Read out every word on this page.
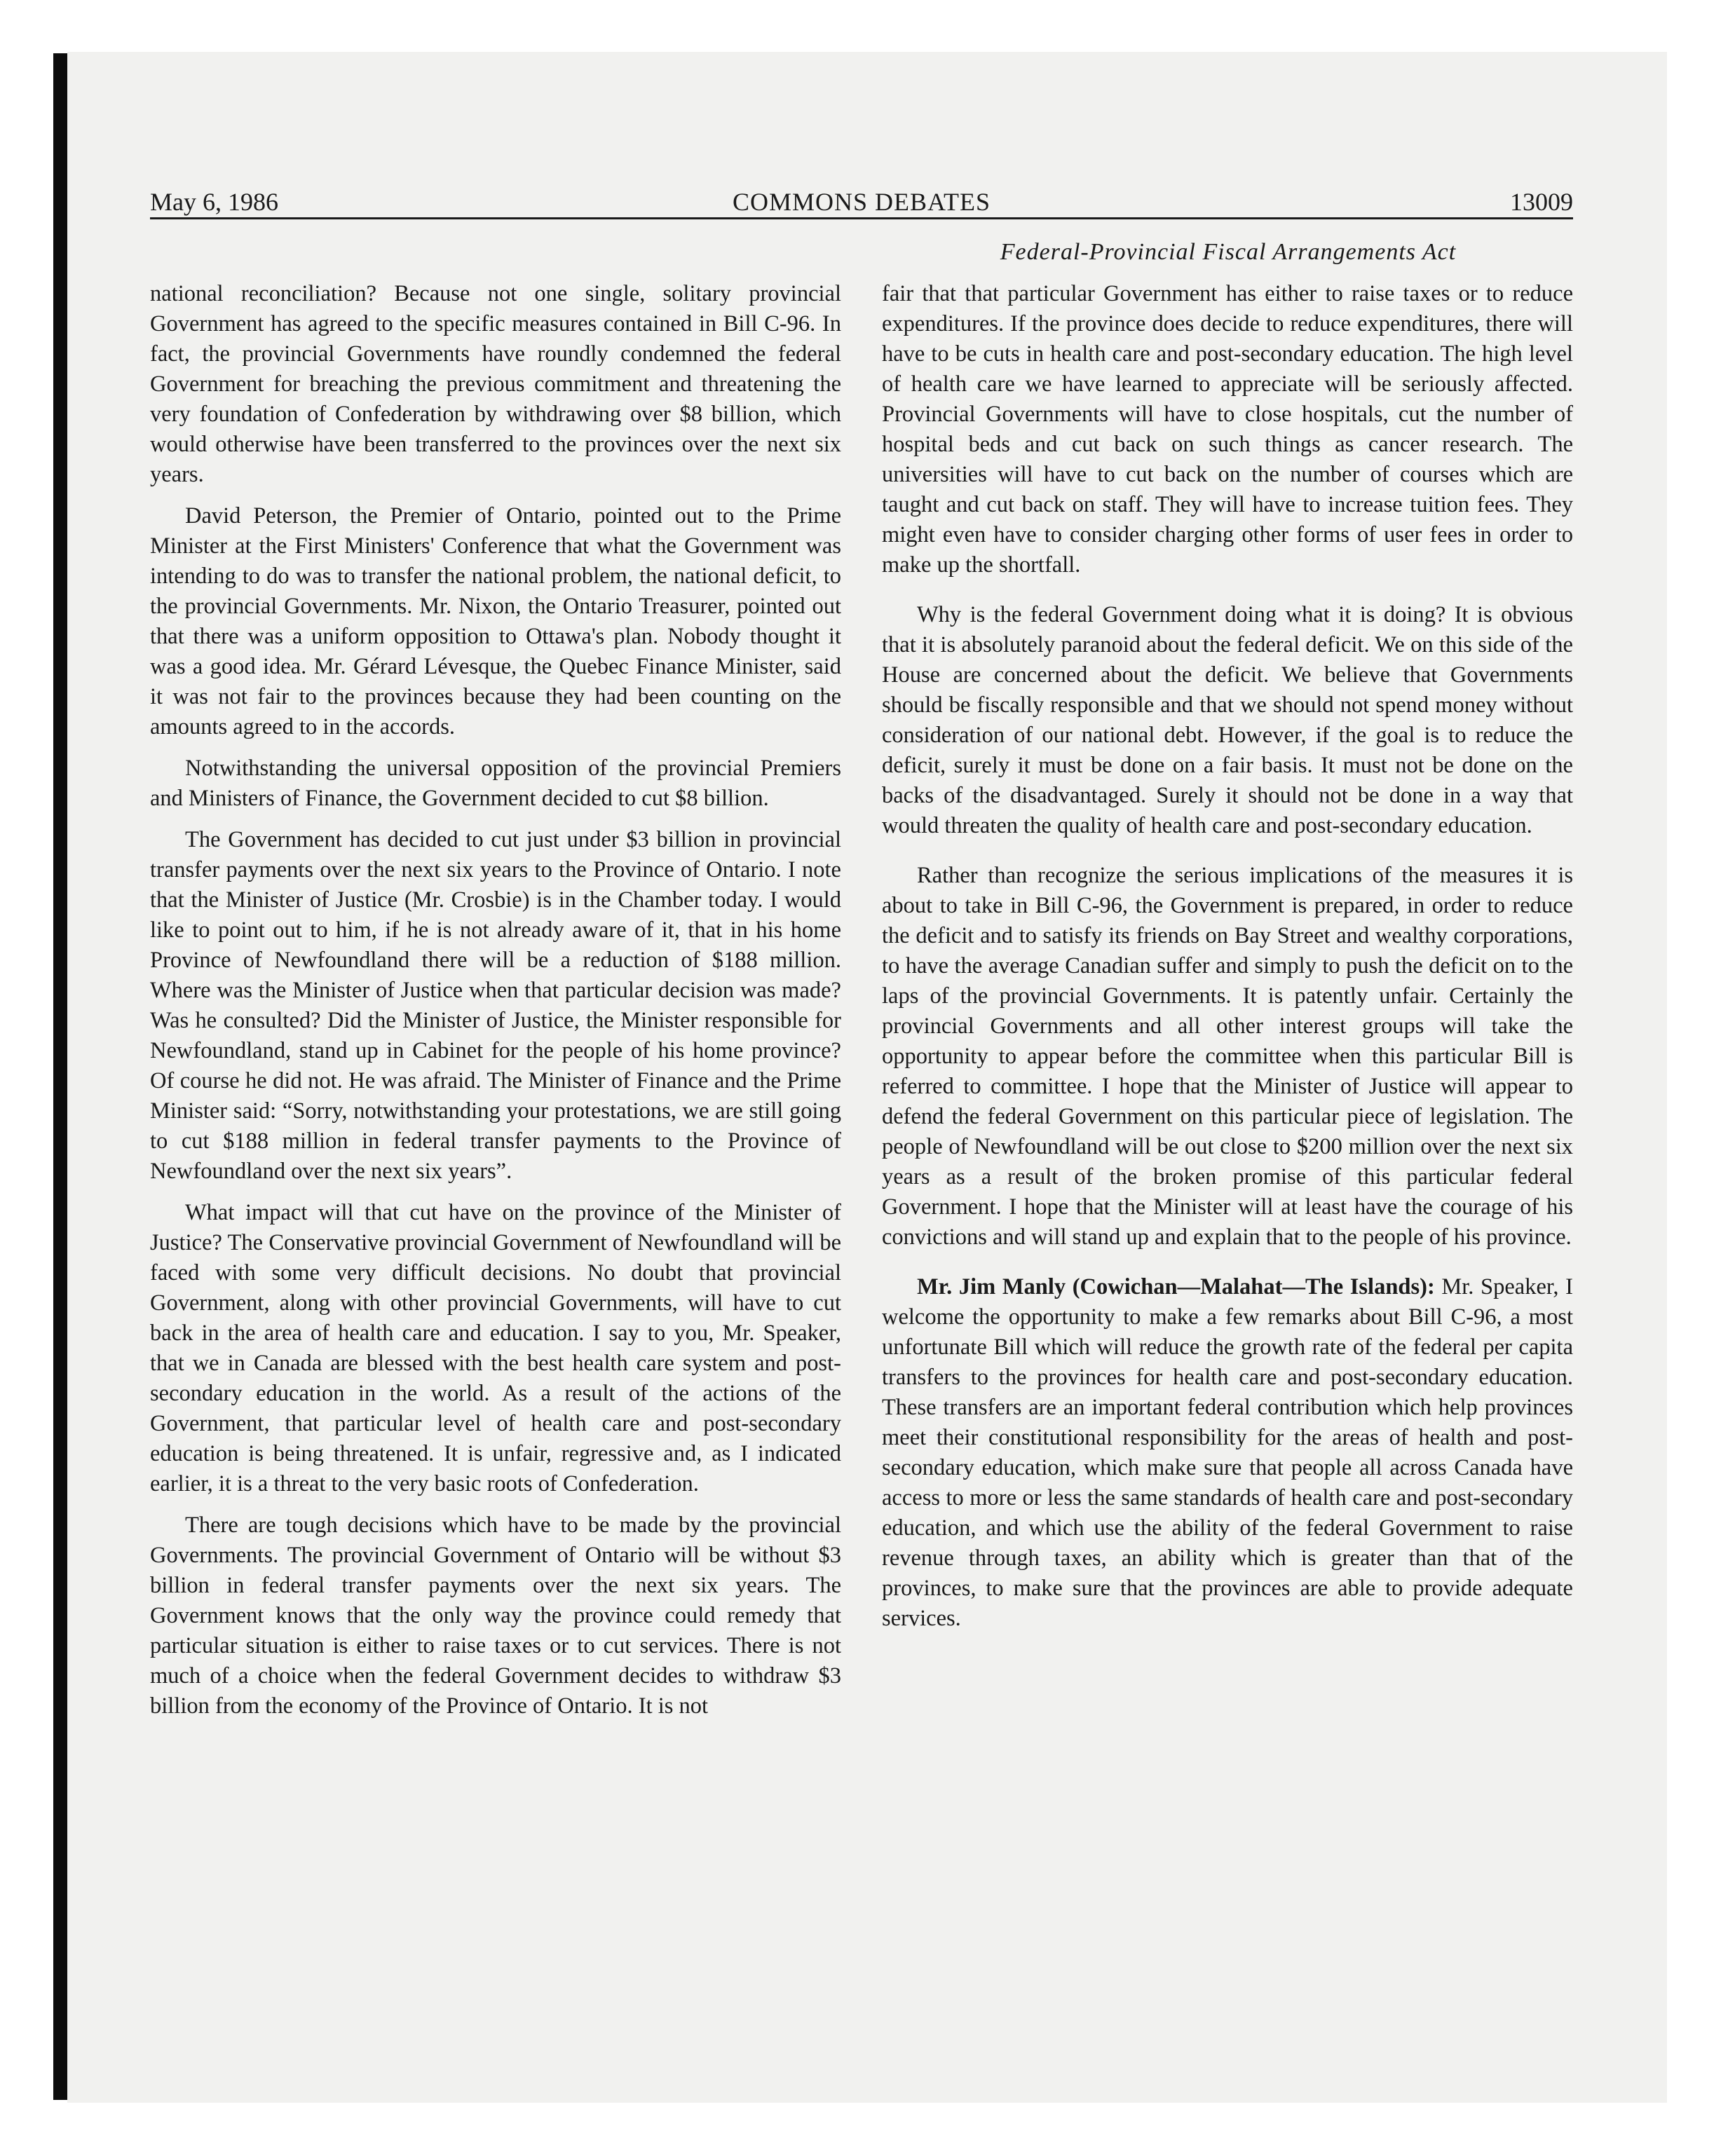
May 6, 1986	COMMONS DEBATES	13009
Federal-Provincial Fiscal Arrangements Act

national reconciliation? Because not one single, solitary provincial Government has agreed to the specific measures contained in Bill C-96. In fact, the provincial Governments have roundly condemned the federal Government for breaching the previous commitment and threatening the very foundation of Confederation by withdrawing over $8 billion, which would otherwise have been transferred to the provinces over the next six years.

David Peterson, the Premier of Ontario, pointed out to the Prime Minister at the First Ministers' Conference that what the Government was intending to do was to transfer the national problem, the national deficit, to the provincial Governments. Mr. Nixon, the Ontario Treasurer, pointed out that there was a uniform opposition to Ottawa's plan. Nobody thought it was a good idea. Mr. Gérard Lévesque, the Quebec Finance Minister, said it was not fair to the provinces because they had been counting on the amounts agreed to in the accords.

Notwithstanding the universal opposition of the provincial Premiers and Ministers of Finance, the Government decided to cut $8 billion.

The Government has decided to cut just under $3 billion in provincial transfer payments over the next six years to the Province of Ontario. I note that the Minister of Justice (Mr. Crosbie) is in the Chamber today. I would like to point out to him, if he is not already aware of it, that in his home Province of Newfoundland there will be a reduction of $188 million. Where was the Minister of Justice when that particular decision was made? Was he consulted? Did the Minister of Justice, the Minister responsible for Newfoundland, stand up in Cabinet for the people of his home province? Of course he did not. He was afraid. The Minister of Finance and the Prime Minister said: “Sorry, notwithstanding your protestations, we are still going to cut $188 million in federal transfer payments to the Province of Newfoundland over the next six years”.

What impact will that cut have on the province of the Minister of Justice? The Conservative provincial Government of Newfoundland will be faced with some very difficult decisions. No doubt that provincial Government, along with other provincial Governments, will have to cut back in the area of health care and education. I say to you, Mr. Speaker, that we in Canada are blessed with the best health care system and post-secondary education in the world. As a result of the actions of the Government, that particular level of health care and post-secondary education is being threatened. It is unfair, regressive and, as I indicated earlier, it is a threat to the very basic roots of Confederation.

There are tough decisions which have to be made by the provincial Governments. The provincial Government of Ontario will be without $3 billion in federal transfer payments over the next six years. The Government knows that the only way the province could remedy that particular situation is either to raise taxes or to cut services. There is not much of a choice when the federal Government decides to withdraw $3 billion from the economy of the Province of Ontario. It is not

fair that that particular Government has either to raise taxes or to reduce expenditures. If the province does decide to reduce expenditures, there will have to be cuts in health care and post-secondary education. The high level of health care we have learned to appreciate will be seriously affected. Provincial Governments will have to close hospitals, cut the number of hospital beds and cut back on such things as cancer research. The universities will have to cut back on the number of courses which are taught and cut back on staff. They will have to increase tuition fees. They might even have to consider charging other forms of user fees in order to make up the shortfall.

Why is the federal Government doing what it is doing? It is obvious that it is absolutely paranoid about the federal deficit. We on this side of the House are concerned about the deficit. We believe that Governments should be fiscally responsible and that we should not spend money without consideration of our national debt. However, if the goal is to reduce the deficit, surely it must be done on a fair basis. It must not be done on the backs of the disadvantaged. Surely it should not be done in a way that would threaten the quality of health care and post-secondary education.

Rather than recognize the serious implications of the measures it is about to take in Bill C-96, the Government is prepared, in order to reduce the deficit and to satisfy its friends on Bay Street and wealthy corporations, to have the average Canadian suffer and simply to push the deficit on to the laps of the provincial Governments. It is patently unfair. Certainly the provincial Governments and all other interest groups will take the opportunity to appear before the committee when this particular Bill is referred to committee. I hope that the Minister of Justice will appear to defend the federal Government on this particular piece of legislation. The people of Newfoundland will be out close to $200 million over the next six years as a result of the broken promise of this particular federal Government. I hope that the Minister will at least have the courage of his convictions and will stand up and explain that to the people of his province.

Mr. Jim Manly (Cowichan—Malahat—The Islands): Mr. Speaker, I welcome the opportunity to make a few remarks about Bill C-96, a most unfortunate Bill which will reduce the growth rate of the federal per capita transfers to the provinces for health care and post-secondary education. These transfers are an important federal contribution which help provinces meet their constitutional responsibility for the areas of health and post-secondary education, which make sure that people all across Canada have access to more or less the same standards of health care and post-secondary education, and which use the ability of the federal Government to raise revenue through taxes, an ability which is greater than that of the provinces, to make sure that the provinces are able to provide adequate services.
